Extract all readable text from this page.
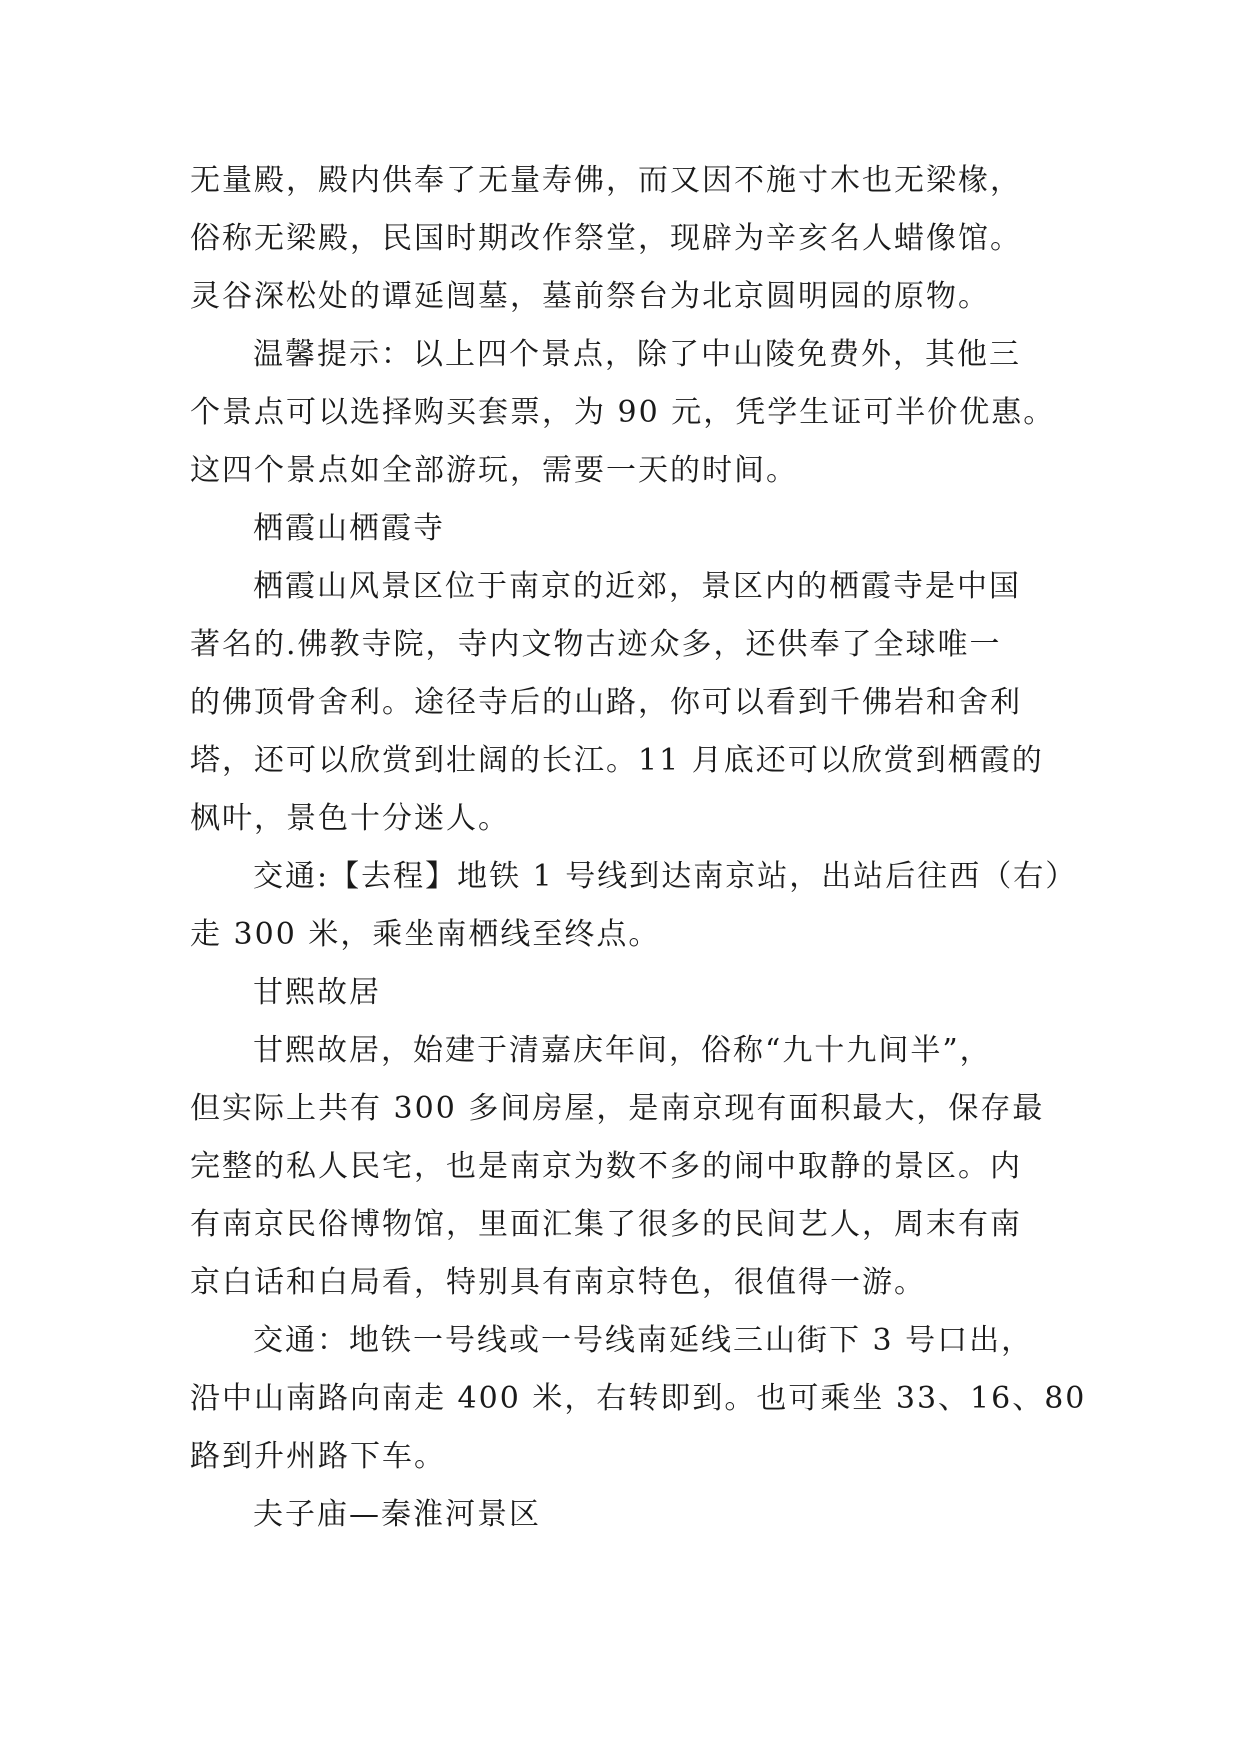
无量殿，殿内供奉了无量寿佛，而又因不施寸木也无梁椽，
俗称无梁殿，民国时期改作祭堂，现辟为辛亥名人蜡像馆。
灵谷深松处的谭延闿墓，墓前祭台为北京圆明园的原物。
温馨提示：以上四个景点，除了中山陵免费外，其他三
个景点可以选择购买套票，为 90 元，凭学生证可半价优惠。
这四个景点如全部游玩，需要一天的时间。
栖霞山栖霞寺
栖霞山风景区位于南京的近郊，景区内的栖霞寺是中国
著名的.佛教寺院，寺内文物古迹众多，还供奉了全球唯一
的佛顶骨舍利。途径寺后的山路，你可以看到千佛岩和舍利
塔，还可以欣赏到壮阔的长江。11 月底还可以欣赏到栖霞的
枫叶，景色十分迷人。
交通:【去程】地铁 1 号线到达南京站，出站后往西（右）
走 300 米，乘坐南栖线至终点。
甘熙故居
甘熙故居，始建于清嘉庆年间，俗称“九十九间半”，
但实际上共有 300 多间房屋，是南京现有面积最大，保存最
完整的私人民宅，也是南京为数不多的闹中取静的景区。内
有南京民俗博物馆，里面汇集了很多的民间艺人，周末有南
京白话和白局看，特别具有南京特色，很值得一游。
交通：地铁一号线或一号线南延线三山街下 3 号口出，
沿中山南路向南走 400 米，右转即到。也可乘坐 33、16、80
路到升州路下车。
夫子庙—秦淮河景区
